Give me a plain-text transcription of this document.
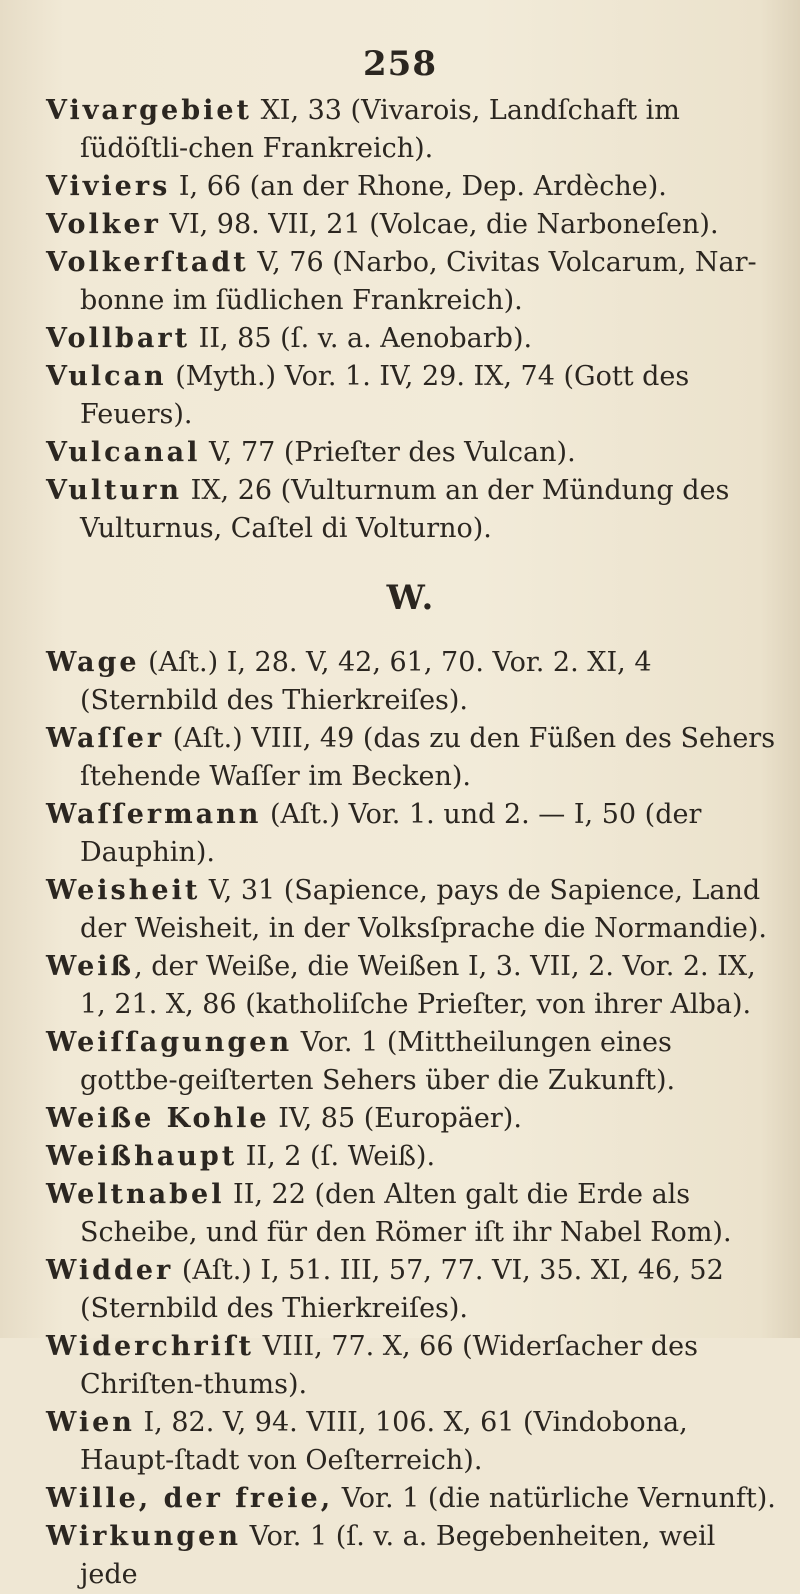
258

Vivargebiet XI, 33 (Vivarois, Landſchaft im ſüdöſtli-chen Frankreich).

Viviers I, 66 (an der Rhone, Dep. Ardèche).

Volker VI, 98. VII, 21 (Volcae, die Narboneſen).

Volkerſtadt V, 76 (Narbo, Civitas Volcarum, Nar-bonne im ſüdlichen Frankreich).

Vollbart II, 85 (ſ. v. a. Aenobarb).

Vulcan (Myth.) Vor. 1. IV, 29. IX, 74 (Gott des Feuers).

Vulcanal V, 77 (Prieſter des Vulcan).

Vulturn IX, 26 (Vulturnum an der Mündung des Vulturnus, Caſtel di Volturno).

W.

Wage (Aſt.) I, 28. V, 42, 61, 70. Vor. 2. XI, 4 (Sternbild des Thierkreiſes).

Waſſer (Aſt.) VIII, 49 (das zu den Füßen des Sehers ſtehende Waſſer im Becken).

Waſſermann (Aſt.) Vor. 1. und 2. — I, 50 (der Dauphin).

Weisheit V, 31 (Sapience, pays de Sapience, Land der Weisheit, in der Volksſprache die Normandie).

Weiß, der Weiße, die Weißen I, 3. VII, 2. Vor. 2. IX, 1, 21. X, 86 (katholiſche Prieſter, von ihrer Alba).

Weiſſagungen Vor. 1 (Mittheilungen eines gottbe-geiſterten Sehers über die Zukunft).

Weiße Kohle IV, 85 (Europäer).

Weißhaupt II, 2 (ſ. Weiß).

Weltnabel II, 22 (den Alten galt die Erde als Scheibe, und für den Römer iſt ihr Nabel Rom).

Widder (Aſt.) I, 51. III, 57, 77. VI, 35. XI, 46, 52 (Sternbild des Thierkreiſes).

Widerchriſt VIII, 77. X, 66 (Widerſacher des Chriſten-thums).

Wien I, 82. V, 94. VIII, 106. X, 61 (Vindobona, Haupt-ſtadt von Oeſterreich).

Wille, der freie, Vor. 1 (die natürliche Vernunft).

Wirkungen Vor. 1 (ſ. v. a. Begebenheiten, weil jede
